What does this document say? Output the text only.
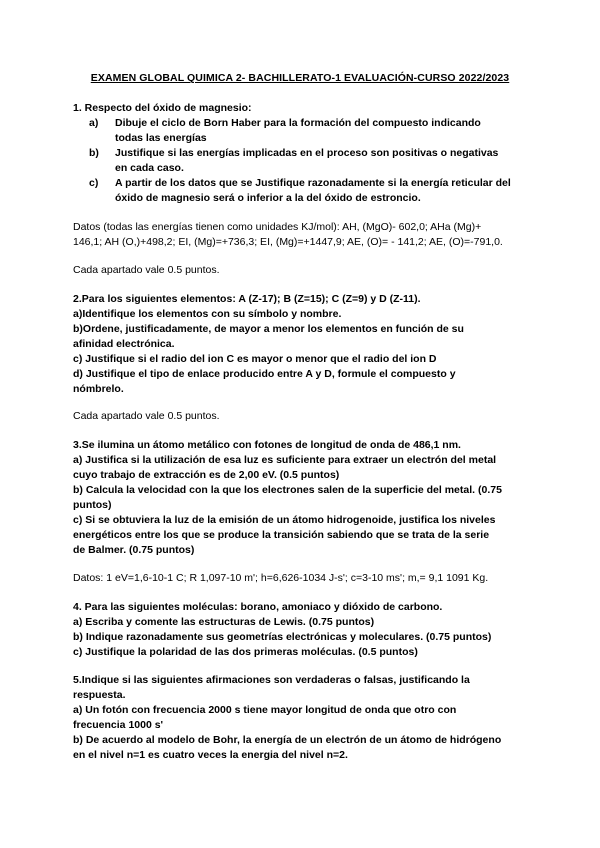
EXAMEN GLOBAL QUIMICA 2- BACHILLERATO-1 EVALUACIÓN-CURSO 2022/2023
1. Respecto del óxido de magnesio:
a)	Dibuje el ciclo de Born Haber para la formación del compuesto indicando
todas las energías
b)	Justifique si las energías implicadas en el proceso son positivas o negativas
en cada caso.
c)	A partir de los datos que se Justifique razonadamente si la energía reticular del
óxido de magnesio será o inferior a la del óxido de estroncio.
Datos (todas las energías tienen como unidades KJ/mol): AH, (MgO)- 602,0; AHa (Mg)+
146,1; AH (O,)+498,2; EI, (Mg)=+736,3; EI, (Mg)=+1447,9; AE, (O)= - 141,2; AE, (O)=-791,0.
Cada apartado vale 0.5 puntos.
2.Para los siguientes elementos: A (Z-17); B (Z=15); C (Z=9) y D (Z-11).
a)Identifique los elementos con su símbolo y nombre.
b)Ordene, justificadamente, de mayor a menor los elementos en función de su
afinidad electrónica.
c) Justifique si el radio del ion C es mayor o menor que el radio del ion D
d) Justifique el tipo de enlace producido entre A y D, formule el compuesto y
nómbrelo.
Cada apartado vale 0.5 puntos.
3.Se ilumina un átomo metálico con fotones de longitud de onda de 486,1 nm.
a) Justifica si la utilización de esa luz es suficiente para extraer un electrón del metal
cuyo trabajo de extracción es de 2,00 eV. (0.5 puntos)
b) Calcula la velocidad con la que los electrones salen de la superficie del metal. (0.75
puntos)
c) Si se obtuviera la luz de la emisión de un átomo hidrogenoide, justifica los niveles
energéticos entre los que se produce la transición sabiendo que se trata de la serie
de Balmer. (0.75 puntos)
Datos: 1 eV=1,6-10-1 C; R 1,097-10 m'; h=6,626-1034 J-s'; c=3-10 ms'; m,= 9,1 1091 Kg.
4. Para las siguientes moléculas: borano, amoniaco y dióxido de carbono.
a) Escriba y comente las estructuras de Lewis. (0.75 puntos)
b) Indique razonadamente sus geometrías electrónicas y moleculares. (0.75 puntos)
c) Justifique la polaridad de las dos primeras moléculas. (0.5 puntos)
5.Indique si las siguientes afirmaciones son verdaderas o falsas, justificando la
respuesta.
a) Un fotón con frecuencia 2000 s tiene mayor longitud de onda que otro con
frecuencia 1000 s'
b) De acuerdo al modelo de Bohr, la energía de un electrón de un átomo de hidrógeno
en el nivel n=1 es cuatro veces la energia del nivel n=2.
